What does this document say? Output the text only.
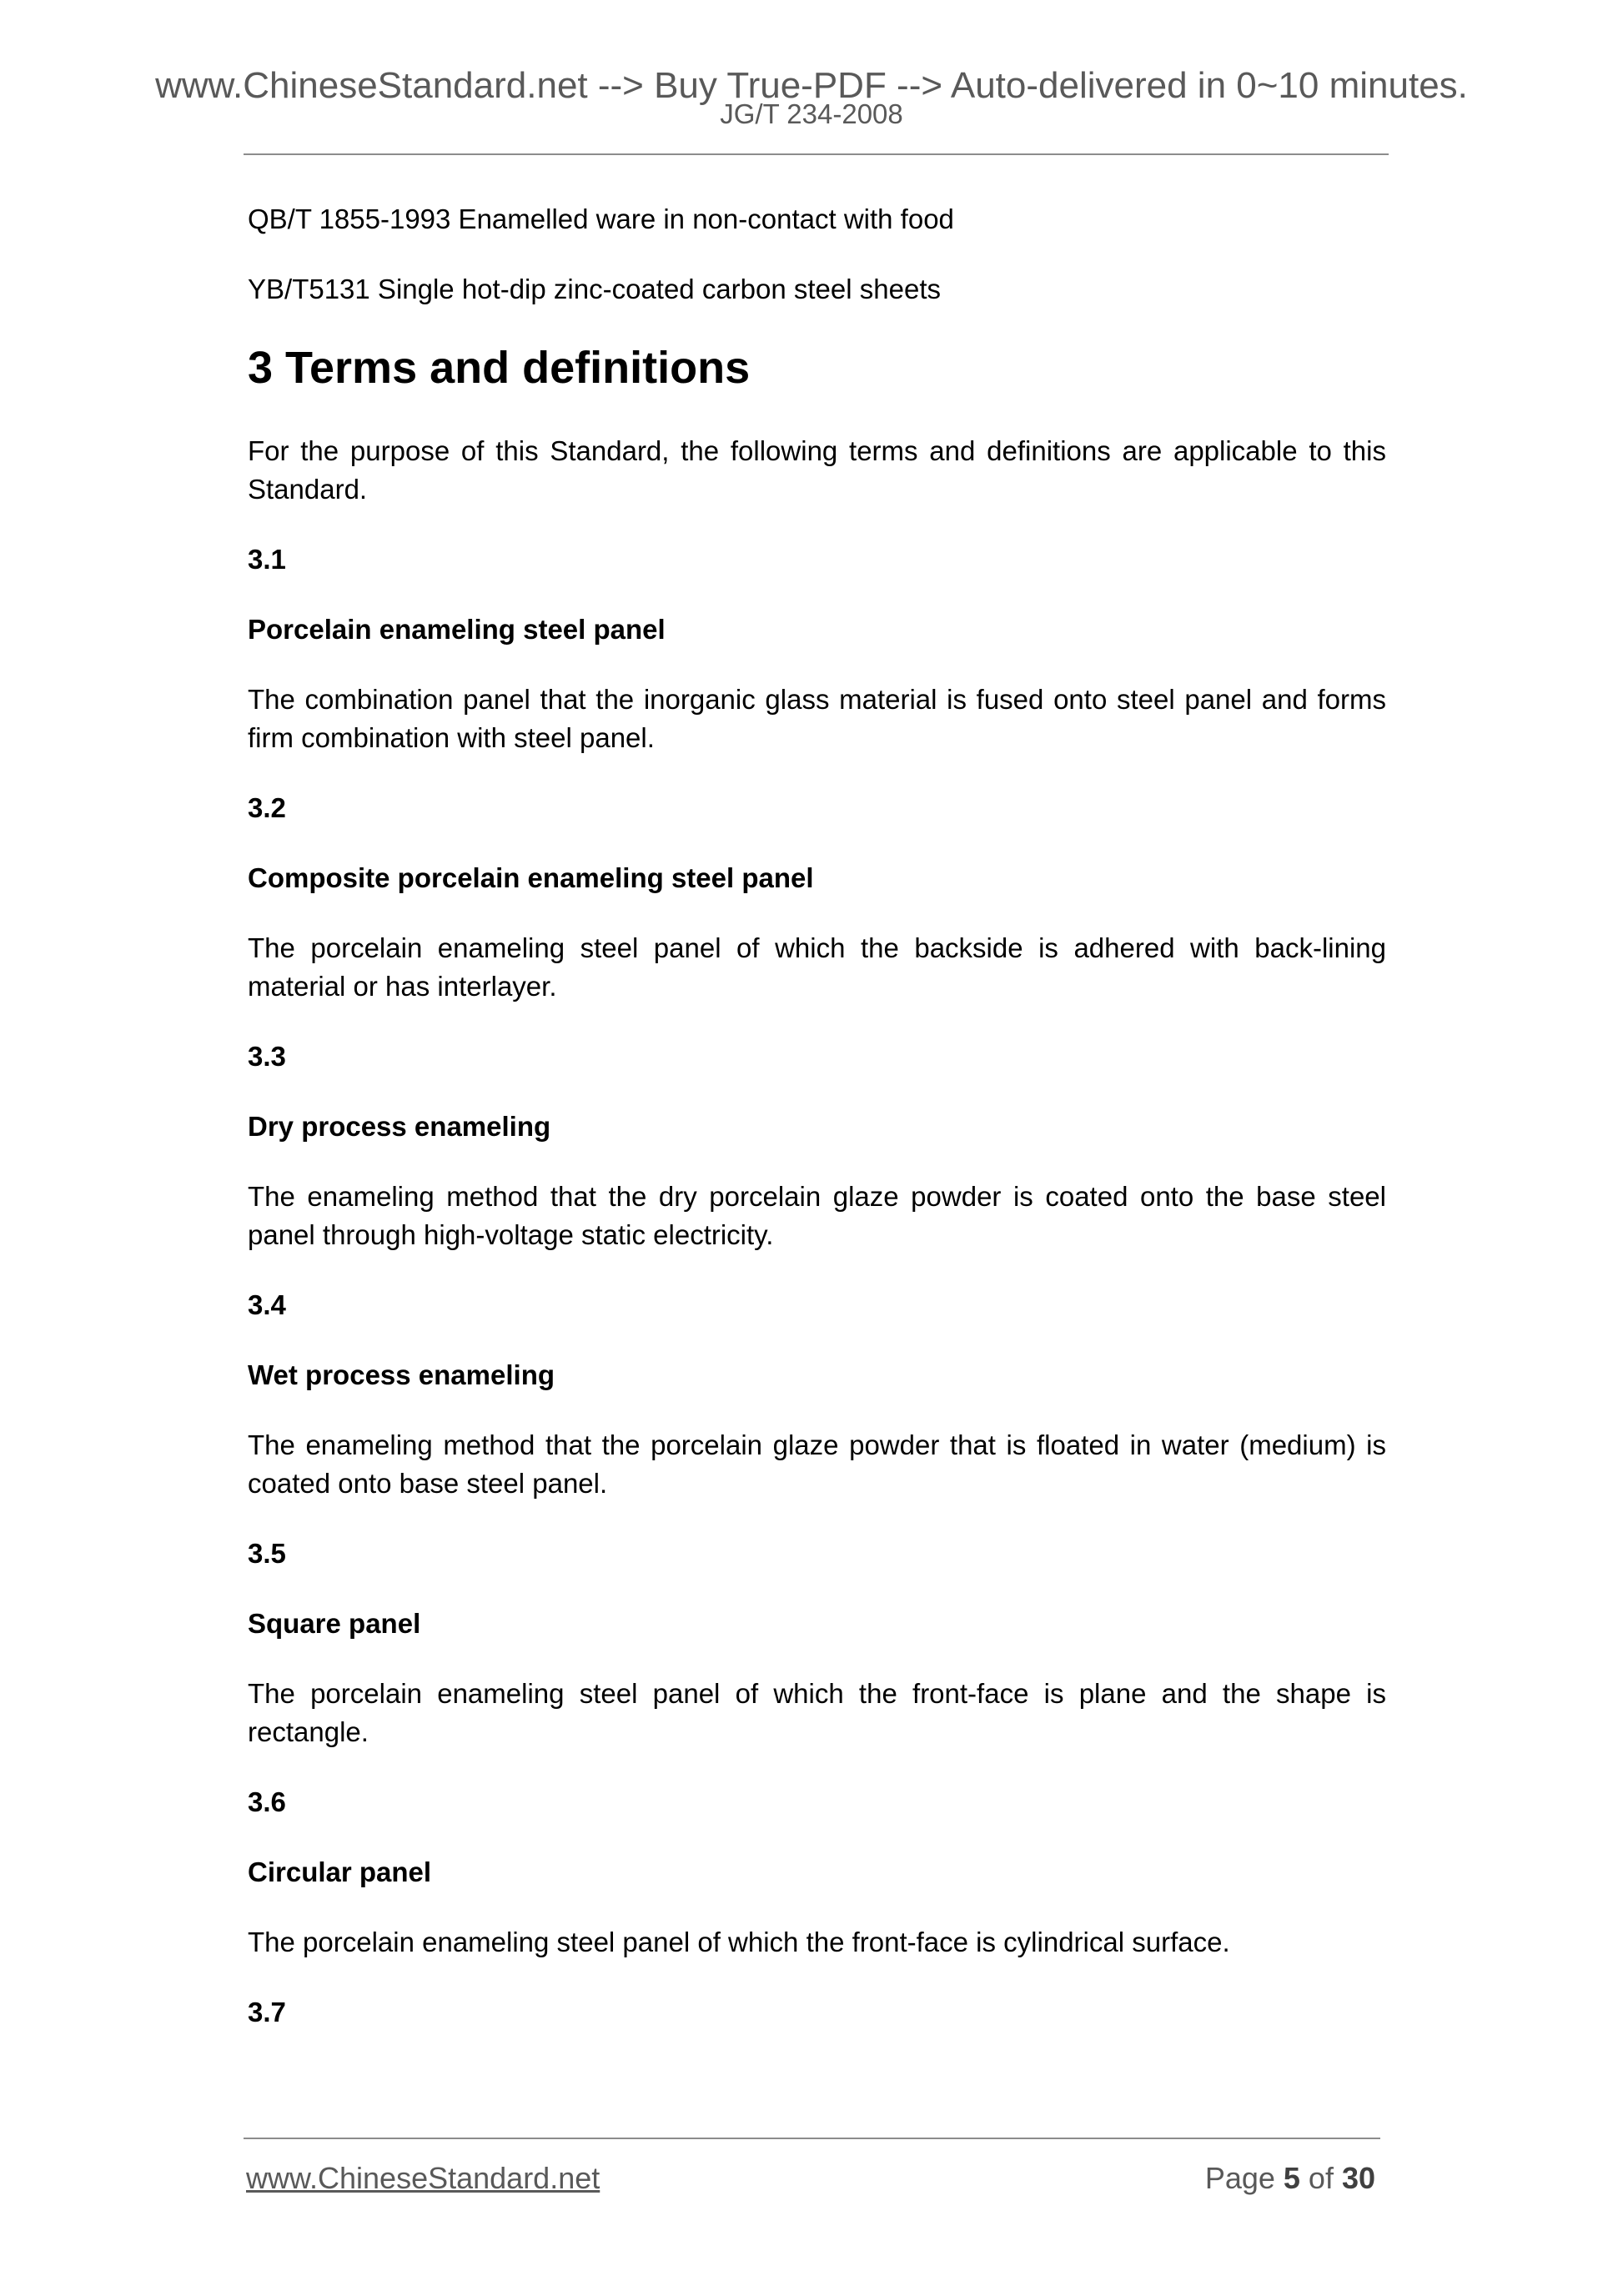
www.ChineseStandard.net --> Buy True-PDF --> Auto-delivered in 0~10 minutes.
JG/T 234-2008

QB/T 1855-1993 Enamelled ware in non-contact with food

YB/T5131 Single hot-dip zinc-coated carbon steel sheets

3 Terms and definitions

For the purpose of this Standard, the following terms and definitions are applicable to this Standard.

3.1
Porcelain enameling steel panel

The combination panel that the inorganic glass material is fused onto steel panel and forms firm combination with steel panel.

3.2
Composite porcelain enameling steel panel

The porcelain enameling steel panel of which the backside is adhered with back-lining material or has interlayer.

3.3
Dry process enameling

The enameling method that the dry porcelain glaze powder is coated onto the base steel panel through high-voltage static electricity.

3.4
Wet process enameling

The enameling method that the porcelain glaze powder that is floated in water (medium) is coated onto base steel panel.

3.5
Square panel

The porcelain enameling steel panel of which the front-face is plane and the shape is rectangle.

3.6
Circular panel

The porcelain enameling steel panel of which the front-face is cylindrical surface.

3.7
www.ChineseStandard.net	Page 5 of 30
